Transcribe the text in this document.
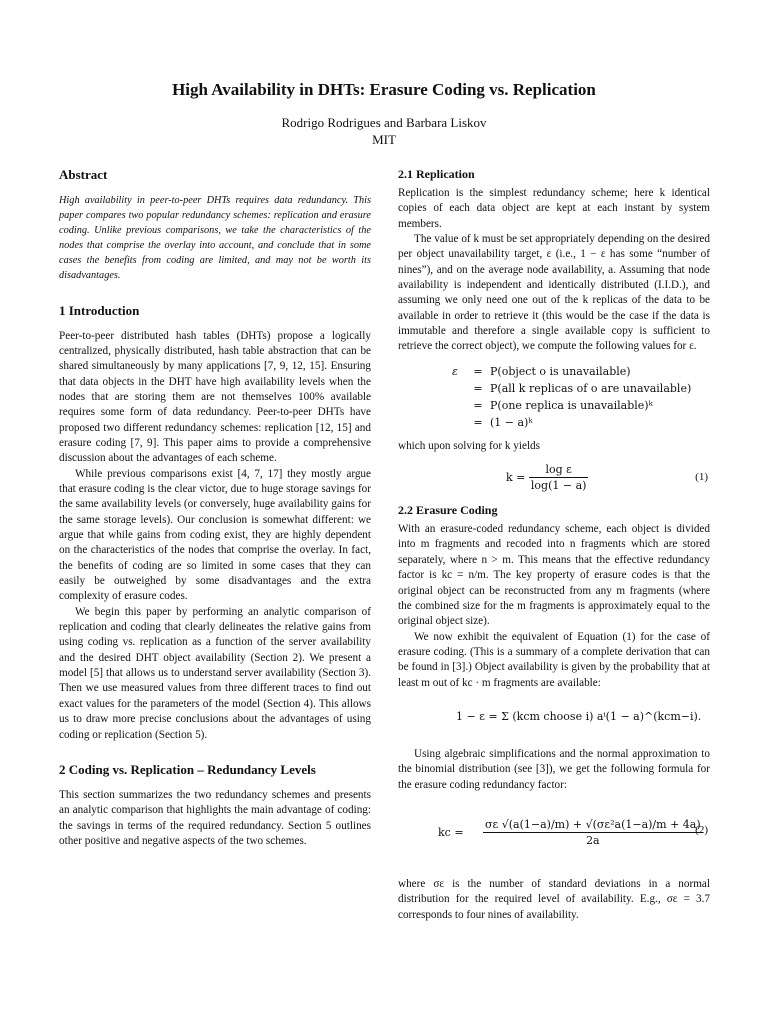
High Availability in DHTs: Erasure Coding vs. Replication
Rodrigo Rodrigues and Barbara Liskov
MIT
Abstract

High availability in peer-to-peer DHTs requires data redundancy. This paper compares two popular redundancy schemes: replication and erasure coding. Unlike previous comparisons, we take the characteristics of the nodes that comprise the overlay into account, and conclude that in some cases the benefits from coding are limited, and may not be worth its disadvantages.

1 Introduction

Peer-to-peer distributed hash tables (DHTs) propose a logically centralized, physically distributed, hash table abstraction that can be shared simultaneously by many applications [7, 9, 12, 15]. Ensuring that data objects in the DHT have high availability levels when the nodes that are storing them are not themselves 100% available requires some form of data redundancy. Peer-to-peer DHTs have proposed two different redundancy schemes: replication [12, 15] and erasure coding [7, 9]. This paper aims to provide a comprehensive discussion about the advantages of each scheme.

While previous comparisons exist [4, 7, 17] they mostly argue that erasure coding is the clear victor, due to huge storage savings for the same availability levels (or conversely, huge availability gains for the same storage levels). Our conclusion is somewhat different: we argue that while gains from coding exist, they are highly dependent on the characteristics of the nodes that comprise the overlay. In fact, the benefits of coding are so limited in some cases that they can easily be outweighed by some disadvantages and the extra complexity of erasure codes.

We begin this paper by performing an analytic comparison of replication and coding that clearly delineates the relative gains from using coding vs. replication as a function of the server availability and the desired DHT object availability (Section 2). We present a model [5] that allows us to understand server availability (Section 3). Then we use measured values from three different traces to find out exact values for the parameters of the model (Section 4). This allows us to draw more precise conclusions about the advantages of using coding or replication (Section 5).

2 Coding vs. Replication – Redundancy Levels

This section summarizes the two redundancy schemes and presents an analytic comparison that highlights the main advantage of coding: the savings in terms of the required redundancy. Section 5 outlines other positive and negative aspects of the two schemes.

2.1 Replication

Replication is the simplest redundancy scheme; here k identical copies of each data object are kept at each instant by system members.

The value of k must be set appropriately depending on the desired per object unavailability target, ε (i.e., 1 − ε has some “number of nines”), and on the average node availability, a. Assuming that node availability is independent and identically distributed (I.I.D.), and assuming we only need one out of the k replicas of the data to be available in order to retrieve it (this would be the case if the data is immutable and therefore a single available copy is sufficient to retrieve the correct object), we compute the following values for ε.

ε	= P(object o is unavailable)
= P(all k replicas of o are unavailable)
= P(one replica is unavailable)ᵏ
= (1 − a)ᵏ

which upon solving for k yields

$k = \frac{\text{log ε}}{\log(1 - a)}$	(1)
2.2 Erasure Coding

With an erasure-coded redundancy scheme, each object is divided into m fragments and recoded into n fragments which are stored separately, where n > m. This means that the effective redundancy factor is kc = n/m. The key property of erasure codes is that the original object can be reconstructed from any m fragments (where the combined size for the m fragments is approximately equal to the original object size).

We now exhibit the equivalent of Equation (1) for the case of erasure coding. (This is a summary of a complete derivation that can be found in [3].) Object availability is given by the probability that at least m out of kc · m fragments are available:

1 − ε = Σ (kcm choose i) aⁱ(1 − a)^(kcm−i).

Using algebraic simplifications and the normal approximation to the binomial distribution (see [3]), we get the following formula for the erasure coding redundancy factor:

kc = $\frac{\text{σε √(a(1−a)/m) + √(σε²a(1−a)/m + 4a)}}{2a}$
(2)

where σε is the number of standard deviations in a normal distribution for the required level of availability. E.g., σε = 3.7 corresponds to four nines of availability.
